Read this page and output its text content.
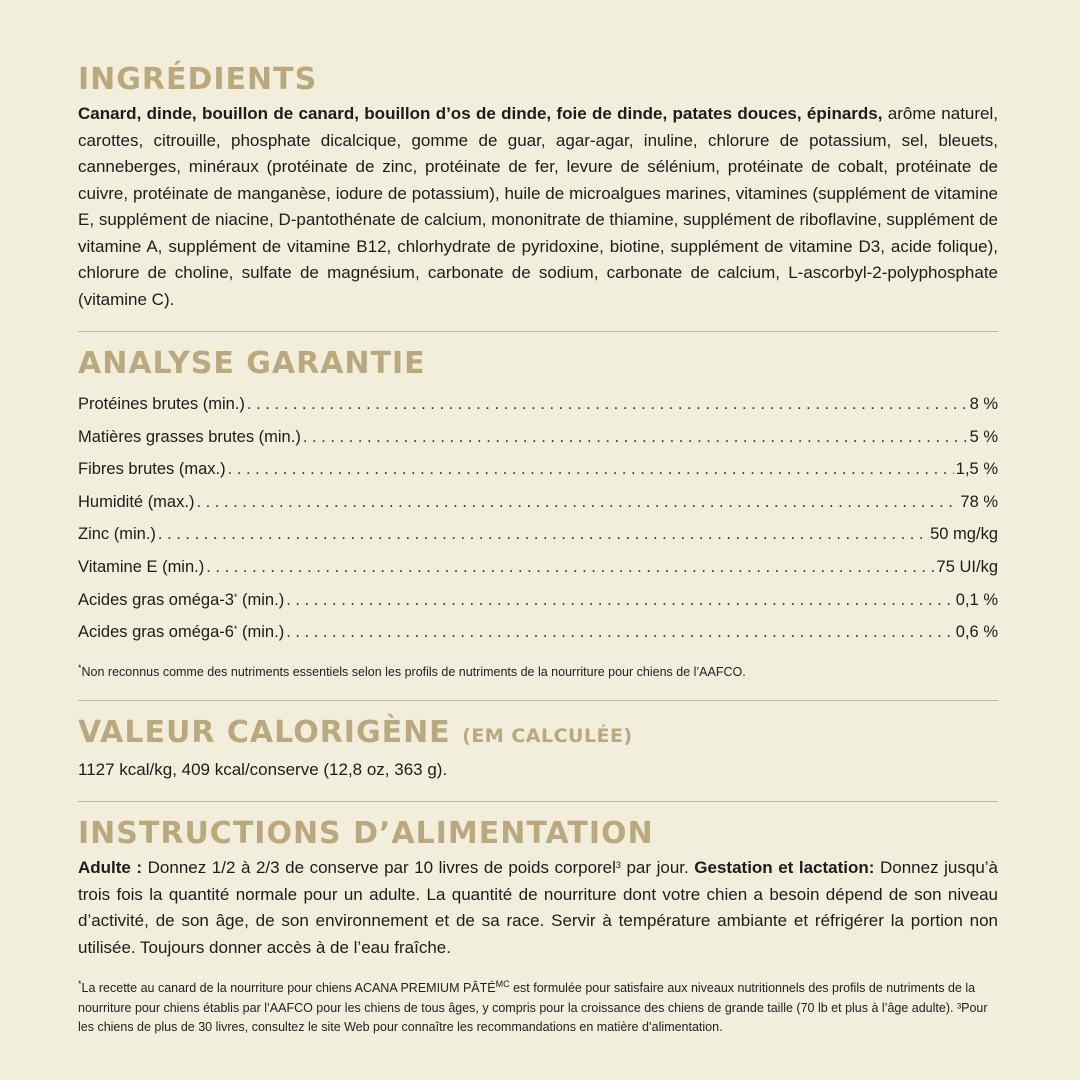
INGRÉDIENTS

Canard, dinde, bouillon de canard, bouillon d’os de dinde, foie de dinde, patates douces, épinards, arôme naturel, carottes, citrouille, phosphate dicalcique, gomme de guar, agar-agar, inuline, chlorure de potassium, sel, bleuets, canneberges, minéraux (protéinate de zinc, protéinate de fer, levure de sélénium, protéinate de cobalt, protéinate de cuivre, protéinate de manganèse, iodure de potassium), huile de microalgues marines, vitamines (supplément de vitamine E, supplément de niacine, D-pantothénate de calcium, mononitrate de thiamine, supplément de riboflavine, supplément de vitamine A, supplément de vitamine B12, chlorhydrate de pyridoxine, biotine, supplément de vitamine D3, acide folique), chlorure de choline, sulfate de magnésium, carbonate de sodium, carbonate de calcium, L-ascorbyl-2-polyphosphate (vitamine C).

ANALYSE GARANTIE
Protéines brutes (min.) . . .	8 %
Matières grasses brutes (min.) . . .	5 %
Fibres brutes (max.) . . .	1,5 %
Humidité (max.) . . .	78 %
Zinc (min.) . . .	50 mg/kg
Vitamine E (min.) . . .	75 UI/kg
Acides gras oméga-3* (min.) . . .	0,1 %
Acides gras oméga-6* (min.) . . .	0,6 %
*Non reconnus comme des nutriments essentiels selon les profils de nutriments de la nourriture pour chiens de l’AAFCO.
VALEUR CALORIGÈNE (EM CALCULÉE)

1127 kcal/kg, 409 kcal/conserve (12,8 oz, 363 g).

INSTRUCTIONS D’ALIMENTATION

Adulte : Donnez 1/2 à 2/3 de conserve par 10 livres de poids corporel$^3$ par jour. Gestation et lactation: Donnez jusqu’à trois fois la quantité normale pour un adulte. La quantité de nourriture dont votre chien a besoin dépend de son niveau d’activité, de son âge, de son environnement et de sa race. Servir à température ambiante et réfrigérer la portion non utilisée. Toujours donner accès à de l’eau fraîche.

*La recette au canard de la nourriture pour chiens ACANA PREMIUM $PÂTÉ^{MC}$ est formulée pour satisfaire aux niveaux nutritionnels des profils de nutriments de la nourriture pour chiens établis par l’AAFCO pour les chiens de tous âges, y compris pour la croissance des chiens de grande taille (70 lb et plus à l’âge adulte). ³Pour les chiens de plus de 30 livres, consultez le site Web pour connaître les recommandations en matière d’alimentation.
